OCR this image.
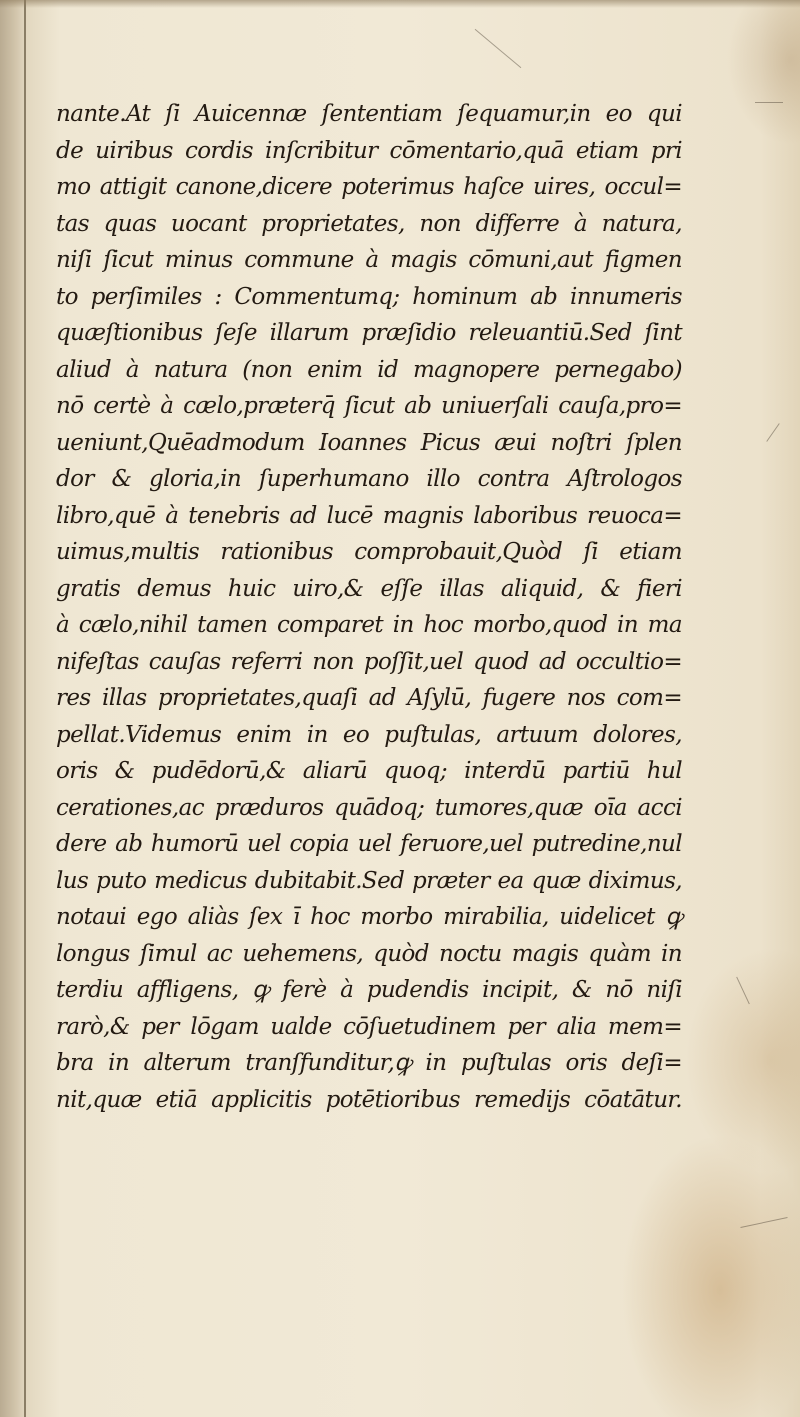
nante.At ſi Auicennæ ſententiam ſequamur,in eo qui
de uiribus cordis inſcribitur cōmentario,quā etiam pri
mo attigit canone,dicere poterimus haſce uires, occul=
tas quas uocant proprietates, non differre à natura,
niſi ſicut minus commune à magis cōmuni,aut figmen
to perſimiles : Commentumq; hominum ab innumeris
quæſtionibus ſeſe illarum præſidio releuantiū.Sed ſint
aliud à natura (non enim id magnopere pernegabo)
nō certè à cælo,præterq̄ ſicut ab uniuerſali cauſa,pro=
ueniunt,Quēadmodum Ioannes Picus æui noſtri ſplen
dor & gloria,in ſuperhumano illo contra Aſtrologos
libro,quē à tenebris ad lucē magnis laboribus reuoca=
uimus,multis rationibus comprobauit,Quòd ſi etiam
gratis demus huic uiro,& eſſe illas aliquid, & fieri
à cælo,nihil tamen comparet in hoc morbo,quod in ma
nifeſtas cauſas referri non poſſit,uel quod ad occultio=
res illas proprietates,quaſi ad Aſylū, fugere nos com=
pellat.Videmus enim in eo puſtulas, artuum dolores,
oris & pudēdorū,& aliarū quoq; interdū partiū hul
cerationes,ac præduros quādoq; tumores,quæ oīa acci
dere ab humorū uel copia uel feruore,uel putredine,nul
lus puto medicus dubitabit.Sed præter ea quæ diximus,
notaui ego aliàs ſex ī hoc morbo mirabilia, uidelicet ꝙ
longus ſimul ac uehemens, quòd noctu magis quàm in
terdiu affligens, ꝙ ferè à pudendis incipit, & nō niſi
rarò,& per lōgam ualde cōſuetudinem per alia mem=
bra in alterum tranſfunditur,ꝙ in puſtulas oris deſi=
nit,quæ etiā applicitis potētioribus remedijs cōatātur.
